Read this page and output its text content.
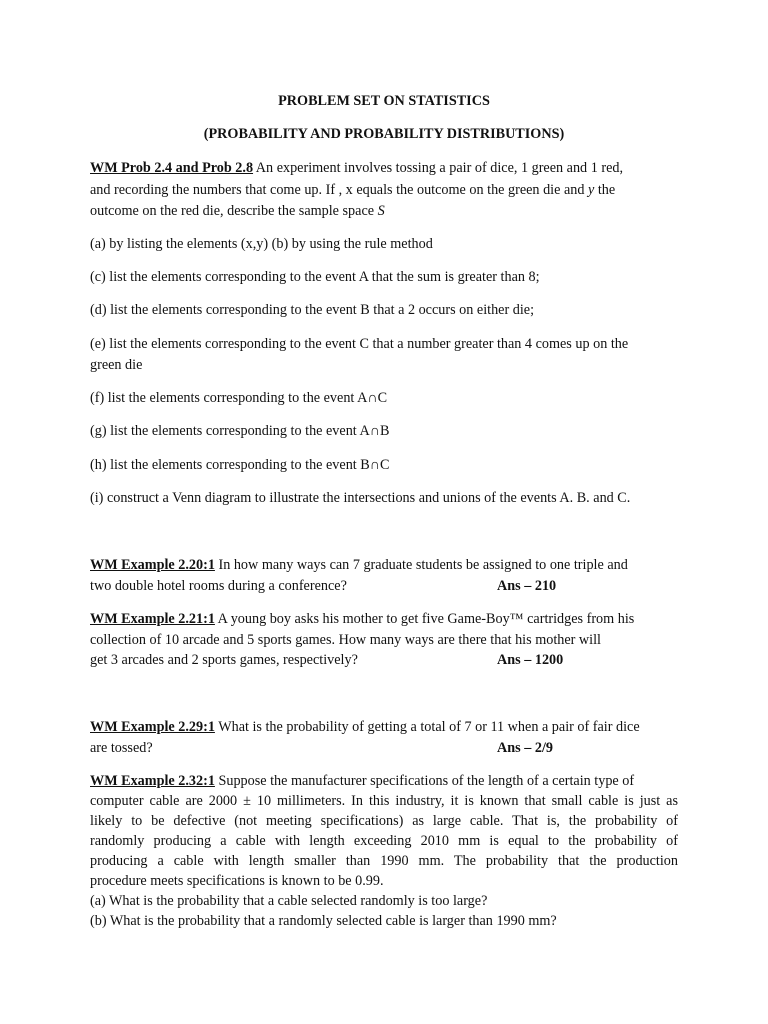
PROBLEM SET ON STATISTICS
(PROBABILITY AND PROBABILITY DISTRIBUTIONS)
WM Prob 2.4 and Prob 2.8 An experiment involves tossing a pair of dice, 1 green and 1 red,
and recording the numbers that come up. If , x equals the outcome on the green die and y the
outcome on the red die, describe the sample space S
(a) by listing the elements (x,y) (b) by using the rule method
(c) list the elements corresponding to the event A that the sum is greater than 8;
(d) list the elements corresponding to the event B that a 2 occurs on either die;
(e) list the elements corresponding to the event C that a number greater than 4 comes up on the
green die
(f) list the elements corresponding to the event A∩C
(g) list the elements corresponding to the event A∩B
(h) list the elements corresponding to the event B∩C
(i) construct a Venn diagram to illustrate the intersections and unions of the events A. B. and C.
WM Example 2.20:1 In how many ways can 7 graduate students be assigned to one triple and
two double hotel rooms during a conference?	Ans – 210
WM Example 2.21:1 A young boy asks his mother to get five Game-Boy™ cartridges from his
collection of 10 arcade and 5 sports games. How many ways are there that his mother will
get 3 arcades and 2 sports games, respectively?	Ans – 1200
WM Example 2.29:1 What is the probability of getting a total of 7 or 11 when a pair of fair dice
are tossed?	Ans – 2/9
WM Example 2.32:1 Suppose the manufacturer specifications of the length of a certain type of
computer cable are 2000 ± 10 millimeters. In this industry, it is known that small cable is just as
likely to be defective (not meeting specifications) as large cable. That is, the probability of
randomly producing a cable with length exceeding 2010 mm is equal to the probability of
producing a cable with length smaller than 1990 mm. The probability that the production
procedure meets specifications is known to be 0.99.
(a) What is the probability that a cable selected randomly is too large?
(b) What is the probability that a randomly selected cable is larger than 1990 mm?
